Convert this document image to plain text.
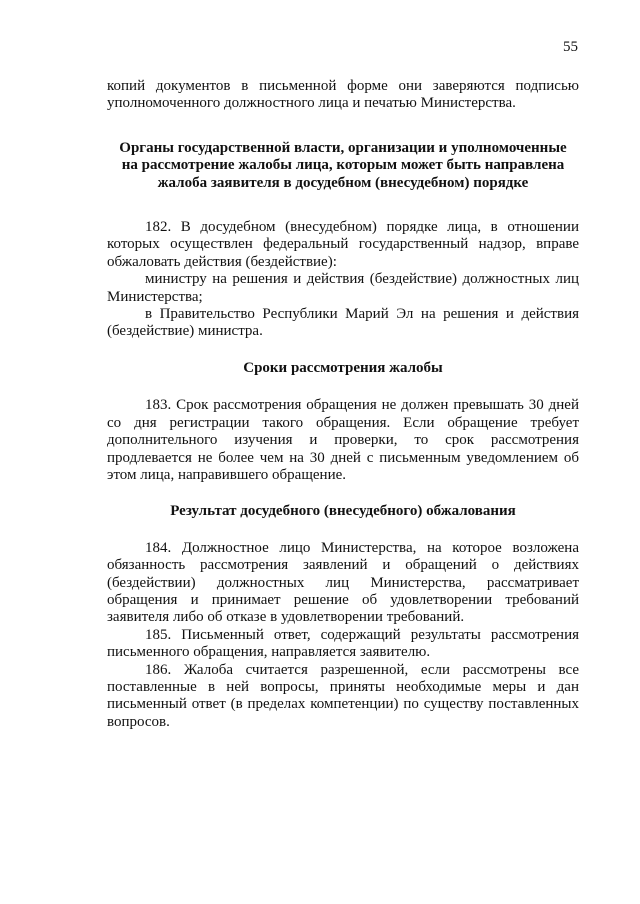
55

копий документов в письменной форме они заверяются подписью уполномоченного должностного лица и печатью Министерства.

Органы государственной власти, организации и уполномоченные на рассмотрение жалобы лица, которым может быть направлена жалоба заявителя в досудебном (внесудебном) порядке

182. В досудебном (внесудебном) порядке лица, в отношении которых осуществлен федеральный государственный надзор, вправе обжаловать действия (бездействие):

министру на решения и действия (бездействие) должностных лиц Министерства;

в Правительство Республики Марий Эл на решения и действия (бездействие) министра.

Сроки рассмотрения жалобы

183. Срок рассмотрения обращения не должен превышать 30 дней со дня регистрации такого обращения. Если обращение требует дополнительного изучения и проверки, то срок рассмотрения продлевается не более чем на 30 дней с письменным уведомлением об этом лица, направившего обращение.

Результат досудебного (внесудебного) обжалования

184. Должностное лицо Министерства, на которое возложена обязанность рассмотрения заявлений и обращений о действиях (бездействии) должностных лиц Министерства, рассматривает обращения и принимает решение об удовлетворении требований заявителя либо об отказе в удовлетворении требований.

185. Письменный ответ, содержащий результаты рассмотрения письменного обращения, направляется заявителю.

186. Жалоба считается разрешенной, если рассмотрены все поставленные в ней вопросы, приняты необходимые меры и дан письменный ответ (в пределах компетенции) по существу поставленных вопросов.
